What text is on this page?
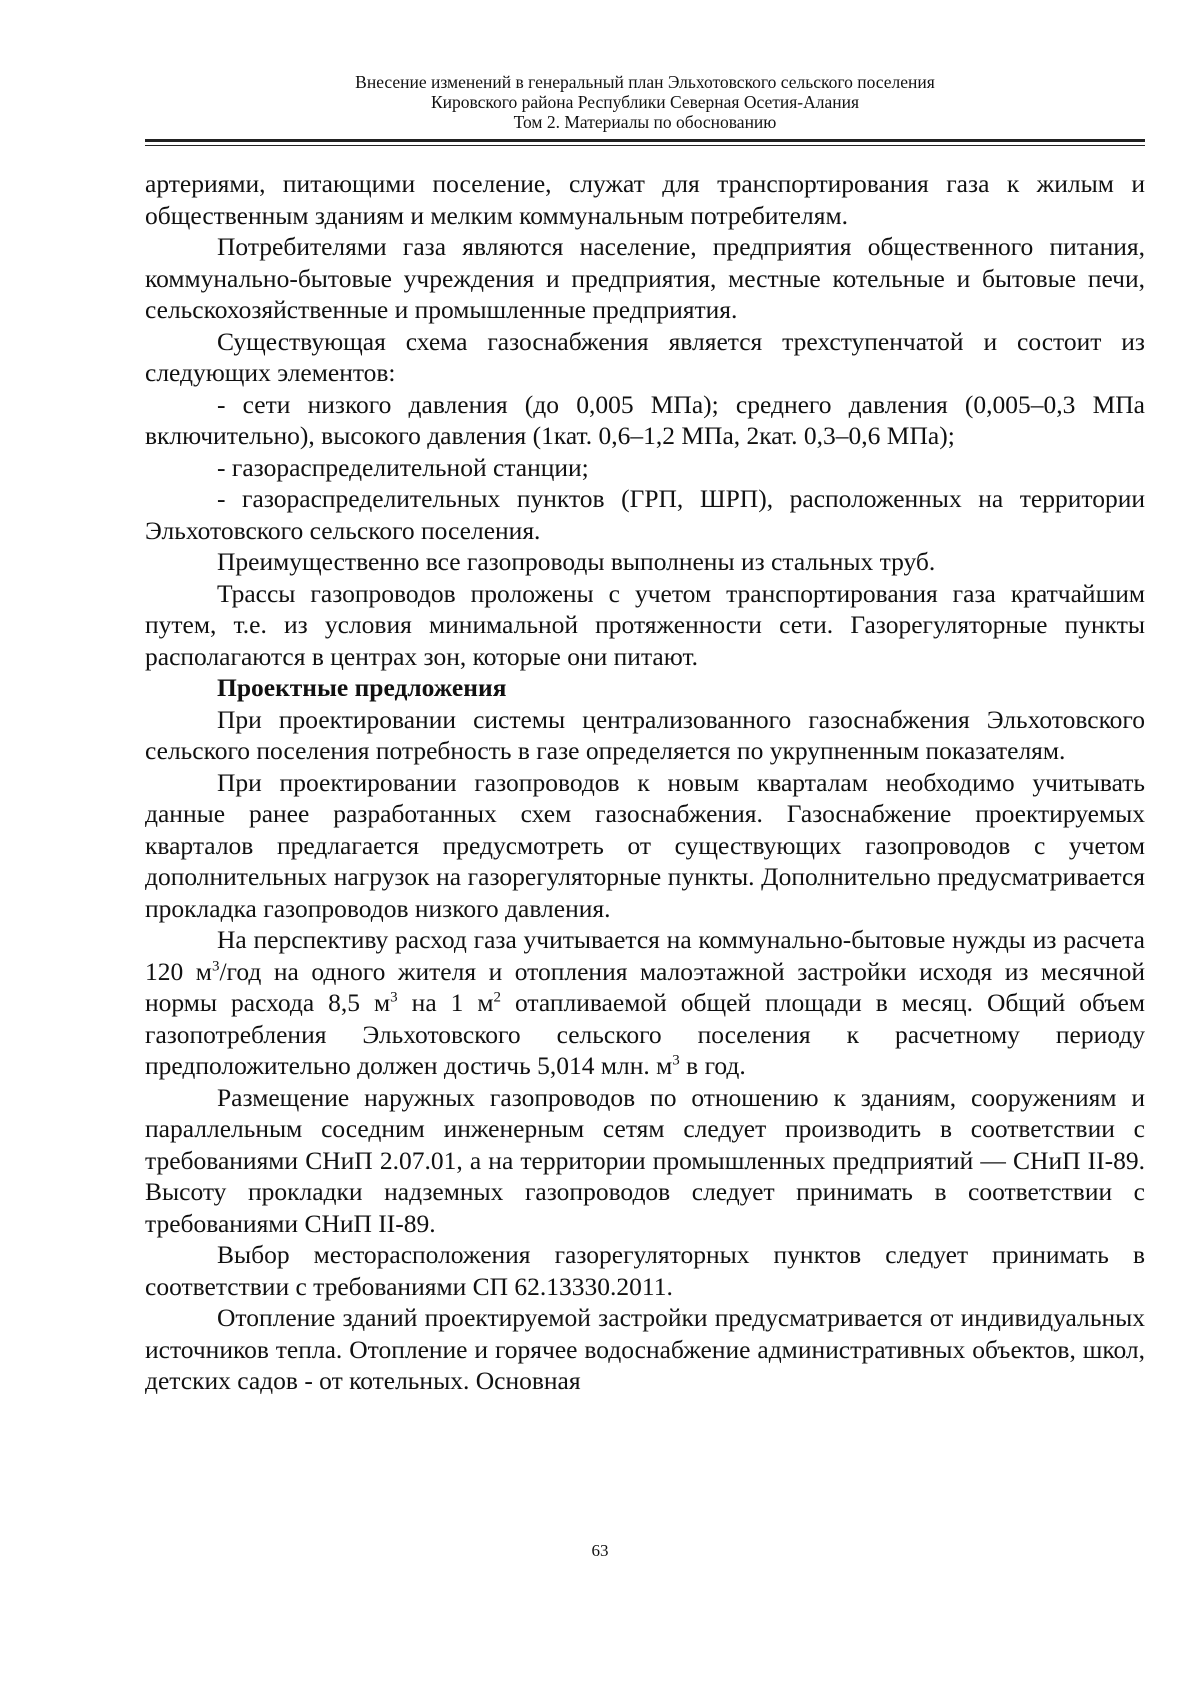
Внесение изменений в генеральный план Эльхотовского сельского поселения
Кировского района Республики Северная Осетия-Алания
Том 2. Материалы по обоснованию

артериями, питающими поселение, служат для транспортирования газа к жилым и общественным зданиям и мелким коммунальным потребителям.

Потребителями газа являются население, предприятия общественного питания, коммунально-бытовые учреждения и предприятия, местные котельные и бытовые печи, сельскохозяйственные и промышленные предприятия.

Существующая схема газоснабжения является трехступенчатой и состоит из следующих элементов:

- сети низкого давления (до 0,005 МПа); среднего давления (0,005–0,3 МПа включительно), высокого давления (1кат. 0,6–1,2 МПа, 2кат. 0,3–0,6 МПа);

- газораспределительной станции;

- газораспределительных пунктов (ГРП, ШРП), расположенных на территории Эльхотовского сельского поселения.

Преимущественно все газопроводы выполнены из стальных труб.

Трассы газопроводов проложены с учетом транспортирования газа кратчайшим путем, т.е. из условия минимальной протяженности сети. Газорегуляторные пункты располагаются в центрах зон, которые они питают.

Проектные предложения

При проектировании системы централизованного газоснабжения Эльхотовского сельского поселения потребность в газе определяется по укрупненным показателям.

При проектировании газопроводов к новым кварталам необходимо учитывать данные ранее разработанных схем газоснабжения. Газоснабжение проектируемых кварталов предлагается предусмотреть от существующих газопроводов с учетом дополнительных нагрузок на газорегуляторные пункты. Дополнительно предусматривается прокладка газопроводов низкого давления.

На перспективу расход газа учитывается на коммунально-бытовые нужды из расчета 120 $м^3$/год на одного жителя и отопления малоэтажной застройки исходя из месячной нормы расхода 8,5 $м^3$ на 1 $м^2$ отапливаемой общей площади в месяц. Общий объем газопотребления Эльхотовского сельского поселения к расчетному периоду предположительно должен достичь 5,014 млн. $м^3$ в год.

Размещение наружных газопроводов по отношению к зданиям, сооружениям и параллельным соседним инженерным сетям следует производить в соответствии с требованиями СНиП 2.07.01, а на территории промышленных предприятий — СНиП II-89. Высоту прокладки надземных газопроводов следует принимать в соответствии с требованиями СНиП II-89.

Выбор месторасположения газорегуляторных пунктов следует принимать в соответствии с требованиями СП 62.13330.2011.

Отопление зданий проектируемой застройки предусматривается от индивидуальных источников тепла. Отопление и горячее водоснабжение административных объектов, школ, детских садов - от котельных. Основная

63
